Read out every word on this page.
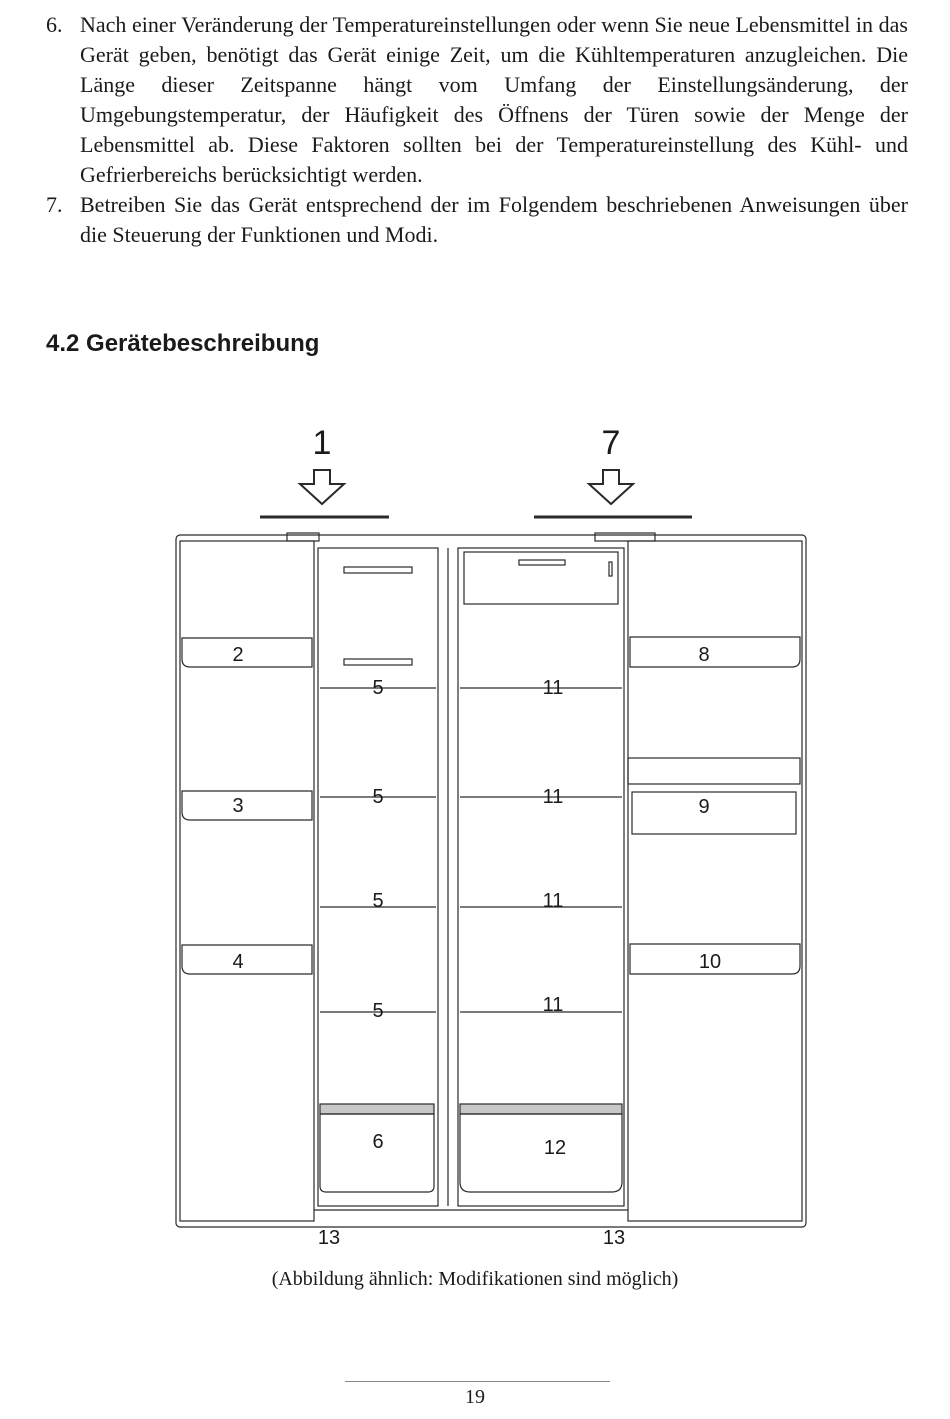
6. Nach einer Veränderung der Temperatureinstellungen oder wenn Sie neue Lebensmittel in das Gerät geben, benötigt das Gerät einige Zeit, um die Kühltemperaturen anzugleichen. Die Länge dieser Zeitspanne hängt vom Umfang der Einstellungsänderung, der Umgebungstemperatur, der Häufigkeit des Öffnens der Türen sowie der Menge der Lebensmittel ab. Diese Faktoren sollten bei der Temperatureinstellung des Kühl- und Gefrierbereichs berücksichtigt werden.
7. Betreiben Sie das Gerät entsprechend der im Folgendem beschriebenen Anweisungen über die Steuerung der Funktionen und Modi.
4.2 Gerätebeschreibung
1	7
2
3
4
5
5
5
5
6
11
11
11
11
12
8
9
10
13	13
(Abbildung ähnlich: Modifikationen sind möglich)
19
